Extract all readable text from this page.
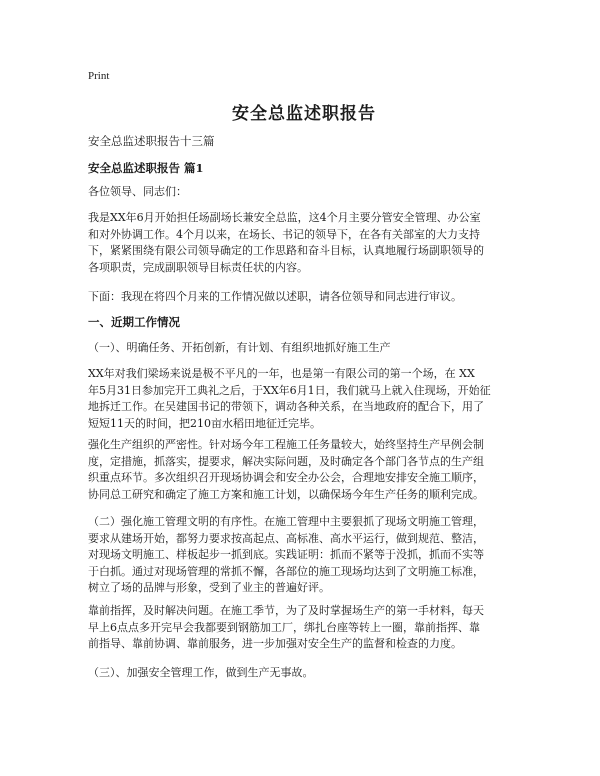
Print
安全总监述职报告
安全总监述职报告十三篇
安全总监述职报告 篇1
各位领导、同志们：
我是XX年6月开始担任场副场长兼安全总监，这4个月主要分管安全管理、办公室
和对外协调工作。4个月以来，在场长、书记的领导下，在各有关部室的大力支持
下，紧紧围绕有限公司领导确定的工作思路和奋斗目标，认真地履行场副职领导的
各项职责，完成副职领导目标责任状的内容。
下面：我现在将四个月来的工作情况做以述职，请各位领导和同志进行审议。
一、近期工作情况
（一）、明确任务、开拓创新，有计划、有组织地抓好施工生产
XX年对我们梁场来说是极不平凡的一年，也是第一有限公司的第一个场，在 XX
年5月31日参加完开工典礼之后，于XX年6月1日，我们就马上就入住现场，开始征
地拆迁工作。在吴建国书记的带领下，调动各种关系，在当地政府的配合下，用了
短短11天的时间，把210亩水稻田地征迁完毕。
强化生产组织的严密性。针对场今年工程施工任务量较大，始终坚持生产早例会制
度，定措施，抓落实，提要求，解决实际问题，及时确定各个部门各节点的生产组
织重点环节。多次组织召开现场协调会和安全办公会，合理地安排安全施工顺序，
协同总工研究和确定了施工方案和施工计划，以确保场今年生产任务的顺利完成。
（二）强化施工管理文明的有序性。在施工管理中主要狠抓了现场文明施工管理，
要求从建场开始，都努力要求按高起点、高标准、高水平运行，做到规范、整洁，
对现场文明施工、样板起步一抓到底。实践证明：抓而不紧等于没抓，抓而不实等
于白抓。通过对现场管理的常抓不懈，各部位的施工现场均达到了文明施工标准，
树立了场的品牌与形象，受到了业主的普遍好评。
靠前指挥，及时解决问题。在施工季节，为了及时掌握场生产的第一手材料，每天
早上6点点多开完早会我都要到钢筋加工厂，绑扎台座等转上一圈，靠前指挥、靠
前指导、靠前协调、靠前服务，进一步加强对安全生产的监督和检查的力度。
（三）、加强安全管理工作，做到生产无事故。
